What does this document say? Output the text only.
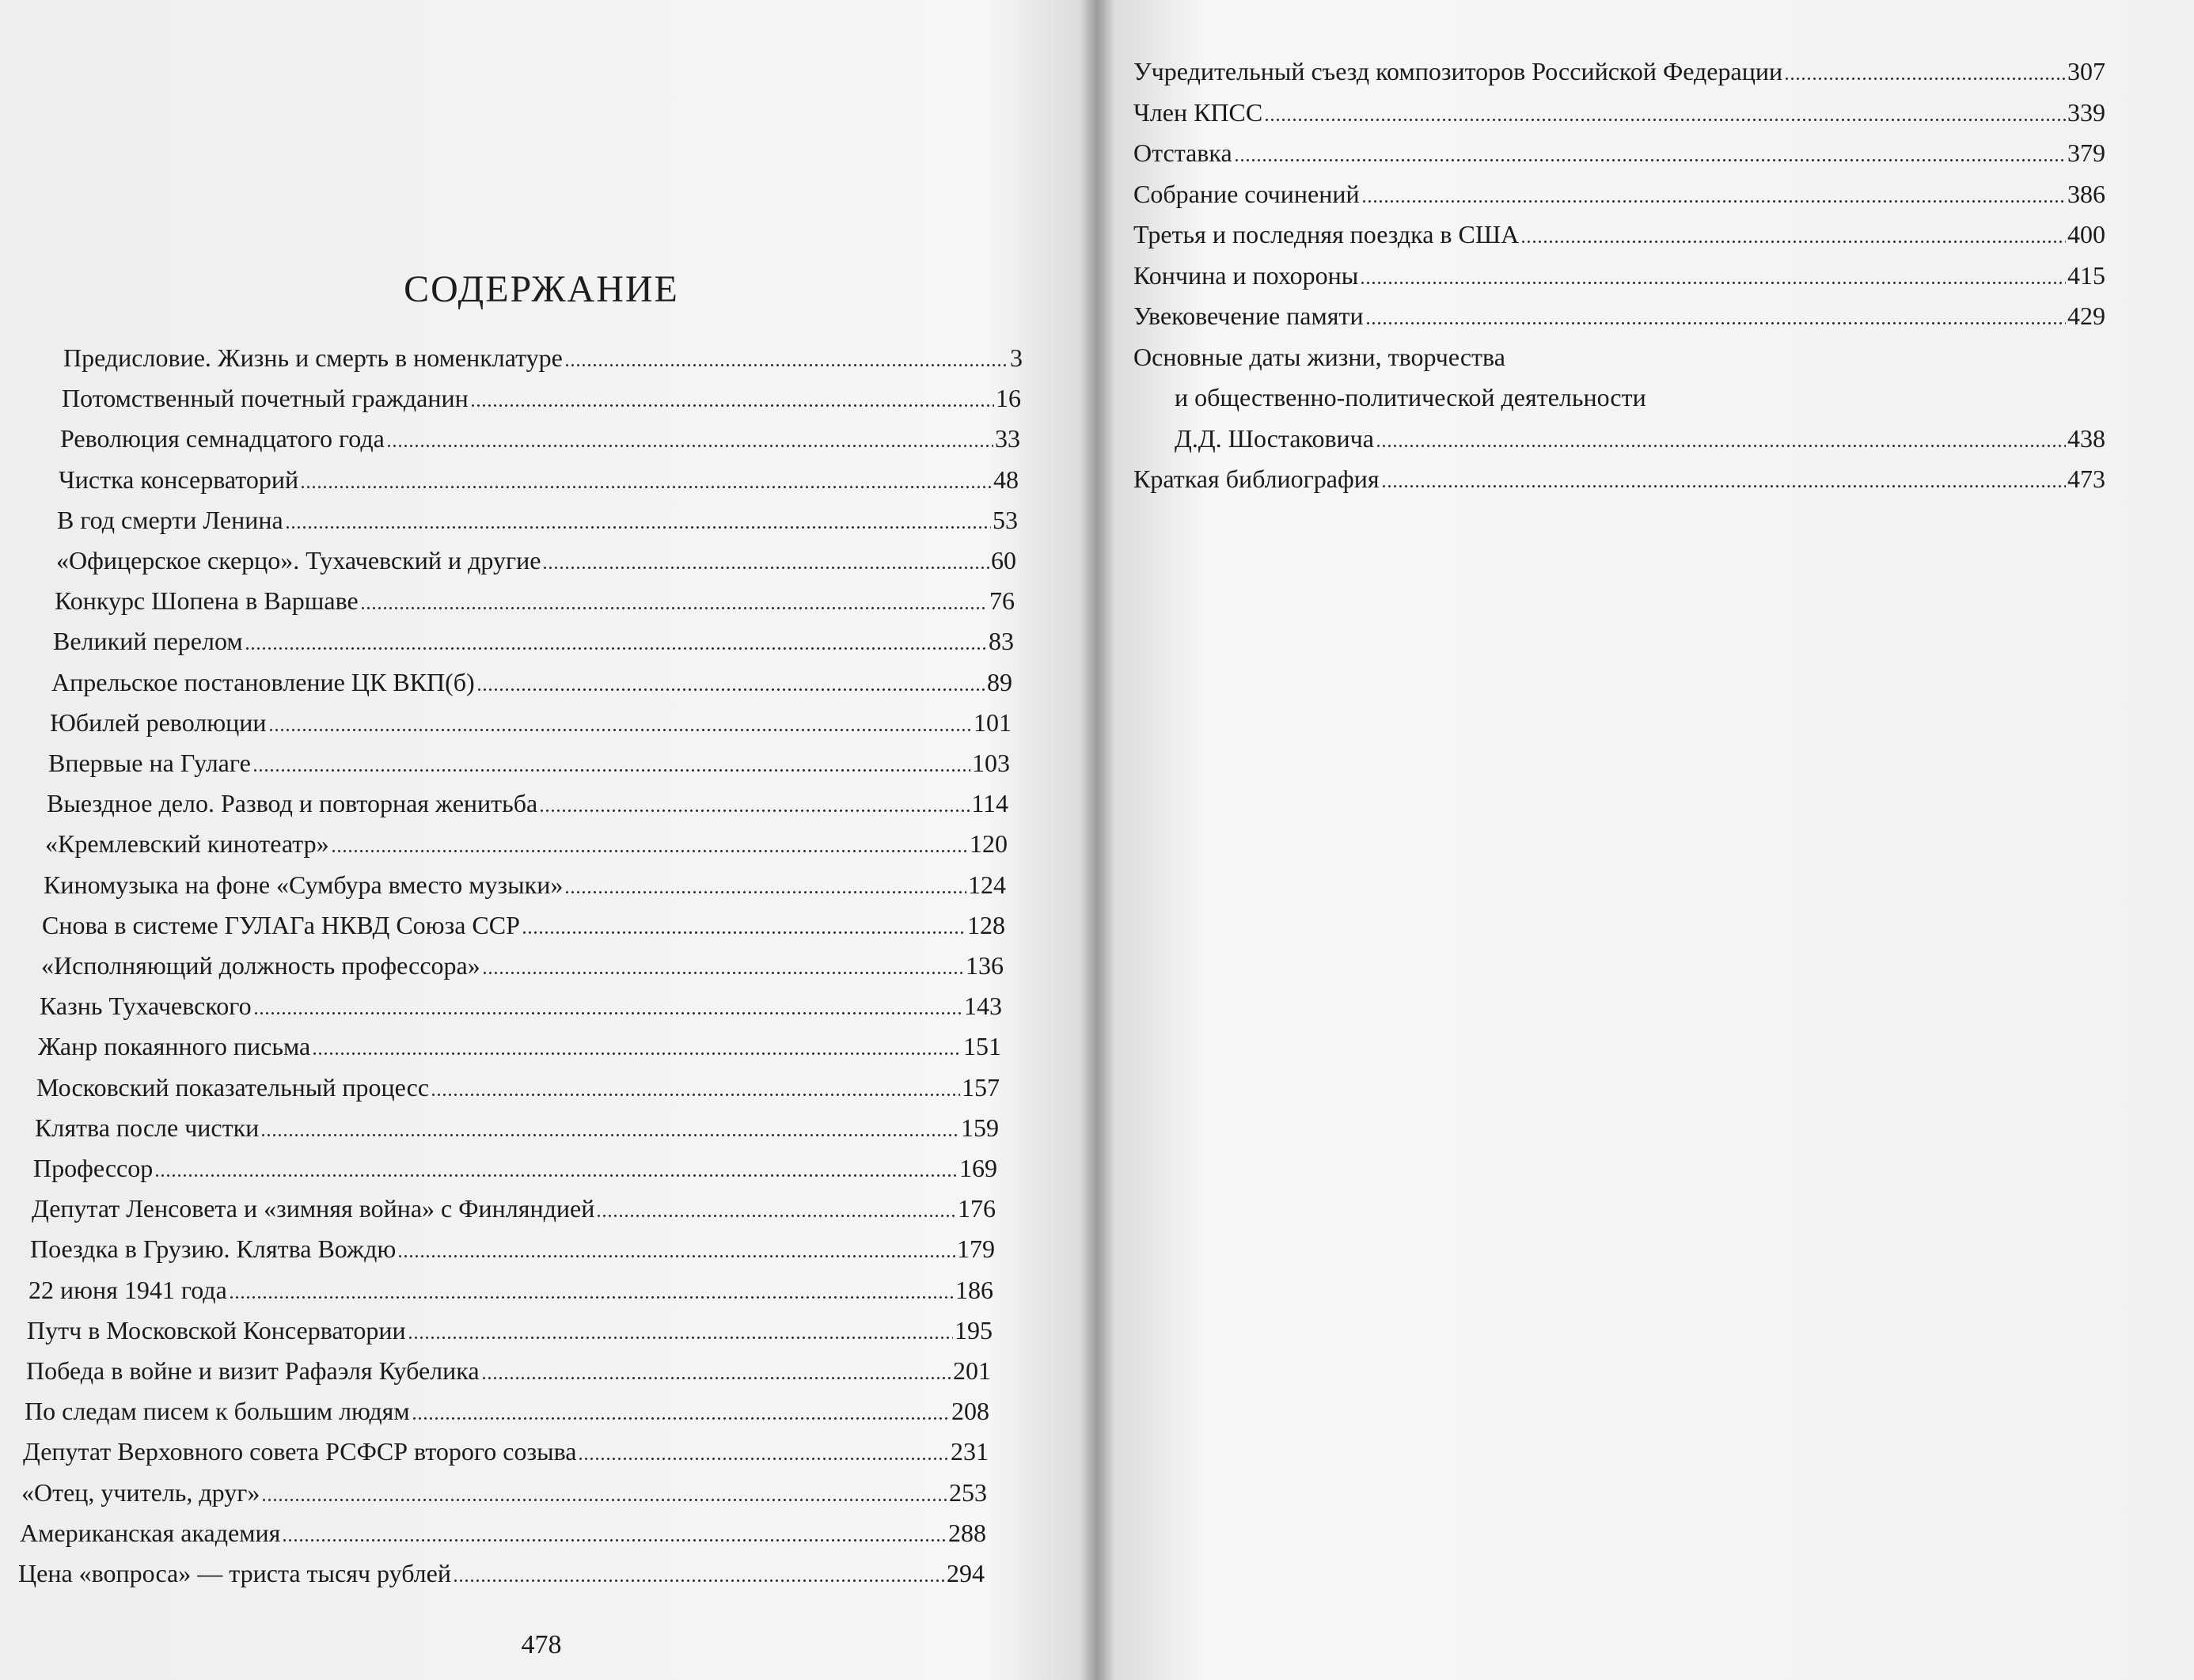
СОДЕРЖАНИЕ
Предисловие. Жизнь и смерть в номенклатуре	3
Потомственный почетный гражданин	16
Революция семнадцатого года	33
Чистка консерваторий	48
В год смерти Ленина	53
«Офицерское скерцо». Тухачевский и другие	60
Конкурс Шопена в Варшаве	76
Великий перелом	83
Апрельское постановление ЦК ВКП(б)	89
Юбилей революции	101
Впервые на Гулаге	103
Выездное дело. Развод и повторная женитьба	114
«Кремлевский кинотеатр»	120
Киномузыка на фоне «Сумбура вместо музыки»	124
Снова в системе ГУЛАГа НКВД Союза ССР	128
«Исполняющий должность профессора»	136
Казнь Тухачевского	143
Жанр покаянного письма	151
Московский показательный процесс	157
Клятва после чистки	159
Профессор	169
Депутат Ленсовета и «зимняя война» с Финляндией	176
Поездка в Грузию. Клятва Вождю	179
22 июня 1941 года	186
Путч в Московской Консерватории	195
Победа в войне и визит Рафаэля Кубелика	201
По следам писем к большим людям	208
Депутат Верховного совета РСФСР второго созыва	231
«Отец, учитель, друг»	253
Американская академия	288
Цена «вопроса» — триста тысяч рублей	294
478
Учредительный съезд композиторов Российской Федерации	307
Член КПСС	339
Отставка	379
Собрание сочинений	386
Третья и последняя поездка в США	400
Кончина и похороны	415
Увековечение памяти	429
Основные даты жизни, творчества
и общественно-политической деятельности
Д.Д. Шостаковича	438
Краткая библиография	473
